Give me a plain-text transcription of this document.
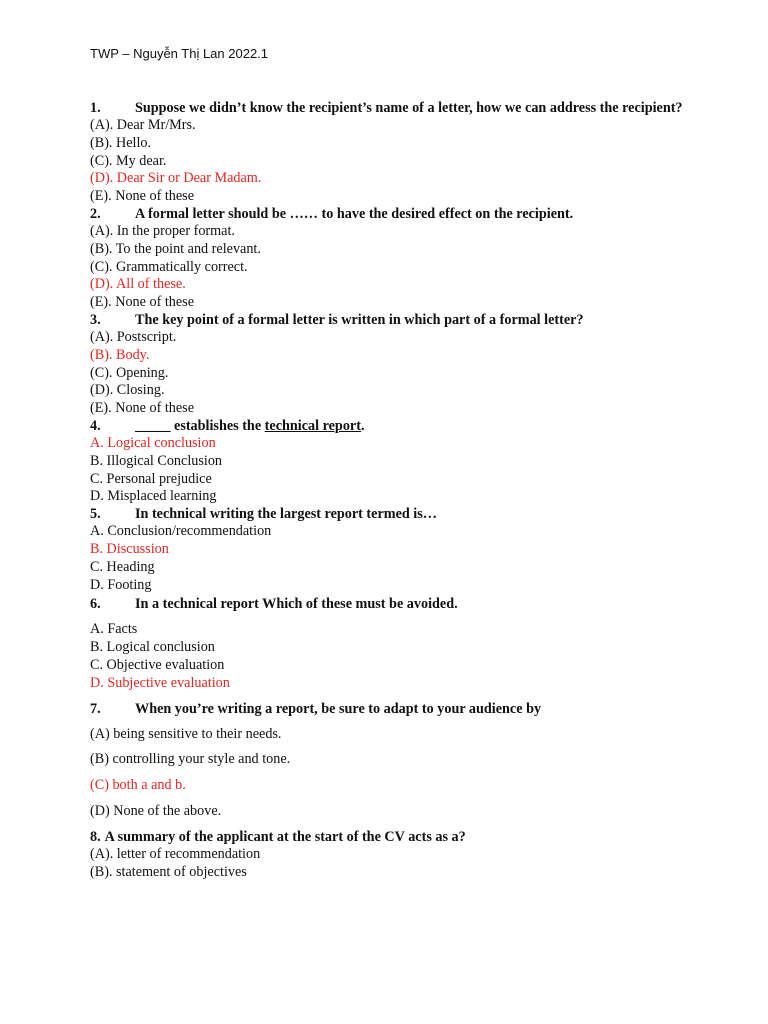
TWP – Nguyễn Thị Lan 2022.1
1. Suppose we didn’t know the recipient’s name of a letter, how we can address the recipient?
(A). Dear Mr/Mrs.
(B). Hello.
(C). My dear.
(D). Dear Sir or Dear Madam.
(E). None of these
2. A formal letter should be …… to have the desired effect on the recipient.
(A). In the proper format.
(B). To the point and relevant.
(C). Grammatically correct.
(D). All of these.
(E). None of these
3. The key point of a formal letter is written in which part of a formal letter?
(A). Postscript.
(B). Body.
(C). Opening.
(D). Closing.
(E). None of these
4. _____ establishes the technical report.
A. Logical conclusion
B. Illogical Conclusion
C. Personal prejudice
D. Misplaced learning
5. In technical writing the largest report termed is…
A. Conclusion/recommendation
B. Discussion
C. Heading
D. Footing
6. In a technical report Which of these must be avoided.
A. Facts
B. Logical conclusion
C. Objective evaluation
D. Subjective evaluation
7. When you’re writing a report, be sure to adapt to your audience by
(A) being sensitive to their needs.
(B) controlling your style and tone.
(C) both a and b.
(D) None of the above.
8. A summary of the applicant at the start of the CV acts as a?
(A). letter of recommendation
(B). statement of objectives
